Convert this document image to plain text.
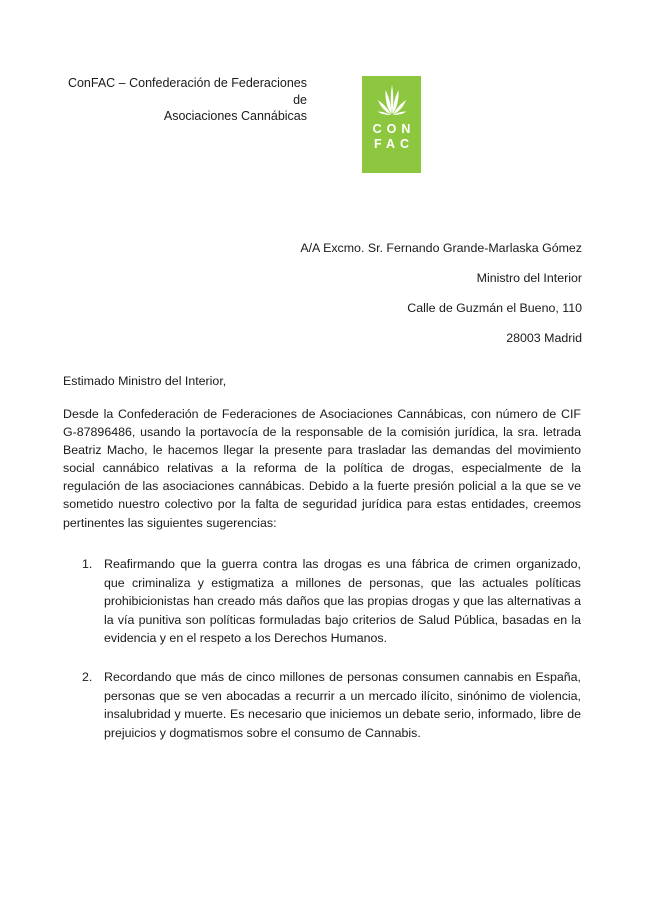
ConFAC – Confederación de Federaciones de
Asociaciones Cannábicas
CON
FAC

A/A Excmo. Sr. Fernando Grande-Marlaska Gómez

Ministro del Interior

Calle de Guzmán el Bueno, 110

28003 Madrid

Estimado Ministro del Interior,

Desde la Confederación de Federaciones de Asociaciones Cannábicas, con número de CIF G-87896486, usando la portavocía de la responsable de la comisión jurídica, la sra. letrada Beatriz Macho, le hacemos llegar la presente para trasladar las demandas del movimiento social cannábico relativas a la reforma de la política de drogas, especialmente de la regulación de las asociaciones cannábicas. Debido a la fuerte presión policial a la que se ve sometido nuestro colectivo por la falta de seguridad jurídica para estas entidades, creemos pertinentes las siguientes sugerencias:

1. Reafirmando que la guerra contra las drogas es una fábrica de crimen organizado, que criminaliza y estigmatiza a millones de personas, que las actuales políticas prohibicionistas han creado más daños que las propias drogas y que las alternativas a la vía punitiva son políticas formuladas bajo criterios de Salud Pública, basadas en la evidencia y en el respeto a los Derechos Humanos.
2. Recordando que más de cinco millones de personas consumen cannabis en España, personas que se ven abocadas a recurrir a un mercado ilícito, sinónimo de violencia, insalubridad y muerte. Es necesario que iniciemos un debate serio, informado, libre de prejuicios y dogmatismos sobre el consumo de Cannabis.
